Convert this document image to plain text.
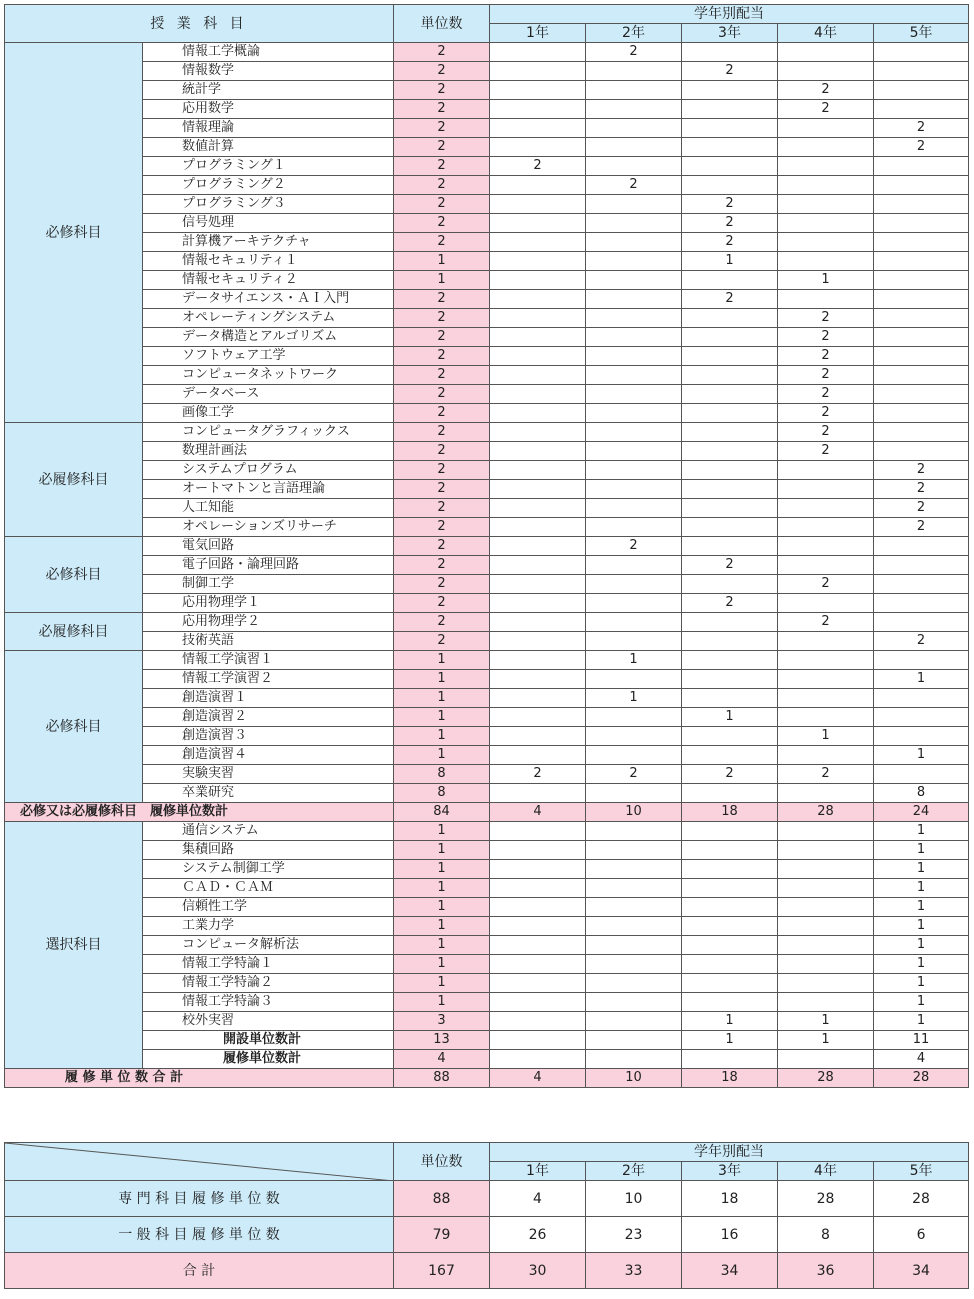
授 業 科 目		単位数	学年別配当				
			1年	2年	3年	4年	5年
必修科目	情報工学概論	2		2			
	情報数学	2			2		
	統計学	2				2	
	応用数学	2				2	
	情報理論	2					2
	数値計算	2					2
	プログラミング１	2	2				
	プログラミング２	2		2			
	プログラミング３	2			2		
	信号処理	2			2		
	計算機アーキテクチャ	2			2		
	情報セキュリティ１	1			1		
	情報セキュリティ２	1				1	
	データサイエンス・ＡＩ入門	2			2		
	オペレーティングシステム	2				2	
	データ構造とアルゴリズム	2				2	
	ソフトウェア工学	2				2	
	コンピュータネットワーク	2				2	
	データベース	2				2	
	画像工学	2				2	
必履修科目	コンピュータグラフィックス	2				2	
	数理計画法	2				2	
	システムプログラム	2					2
	オートマトンと言語理論	2					2
	人工知能	2					2
	オペレーションズリサーチ	2					2
必修科目	電気回路	2		2			
	電子回路・論理回路	2			2		
	制御工学	2				2	
	応用物理学１	2			2		
必履修科目	応用物理学２	2				2	
	技術英語	2					2
必修科目	情報工学演習１	1		1			
	情報工学演習２	1					1
	創造演習１	1		1			
	創造演習２	1			1		
	創造演習３	1				1	
	創造演習４	1					1
	実験実習	8	2	2	2	2	
	卒業研究	8					8
必修又は必履修科目　履修単位数計		84	4	10	18	28	24
選択科目	通信システム	1					1
	集積回路	1					1
	システム制御工学	1					1
	ＣＡＤ・ＣＡＭ	1					1
	信頼性工学	1					1
	工業力学	1					1
	コンピュータ解析法	1					1
	情報工学特論１	1					1
	情報工学特論２	1					1
	情報工学特論３	1					1
	校外実習	3			1	1	1
	開設単位数計	13			1	1	11
	履修単位数計	4					4
履 修 単 位 数 合 計		88	4	10	18	28	28
	単位数	学年別配当				
		1年	2年	3年	4年	5年
専 門 科 目 履 修 単 位 数	88	4	10	18	28	28
一 般 科 目 履 修 単 位 数	79	26	23	16	8	6
合 計	167	30	33	34	36	34
